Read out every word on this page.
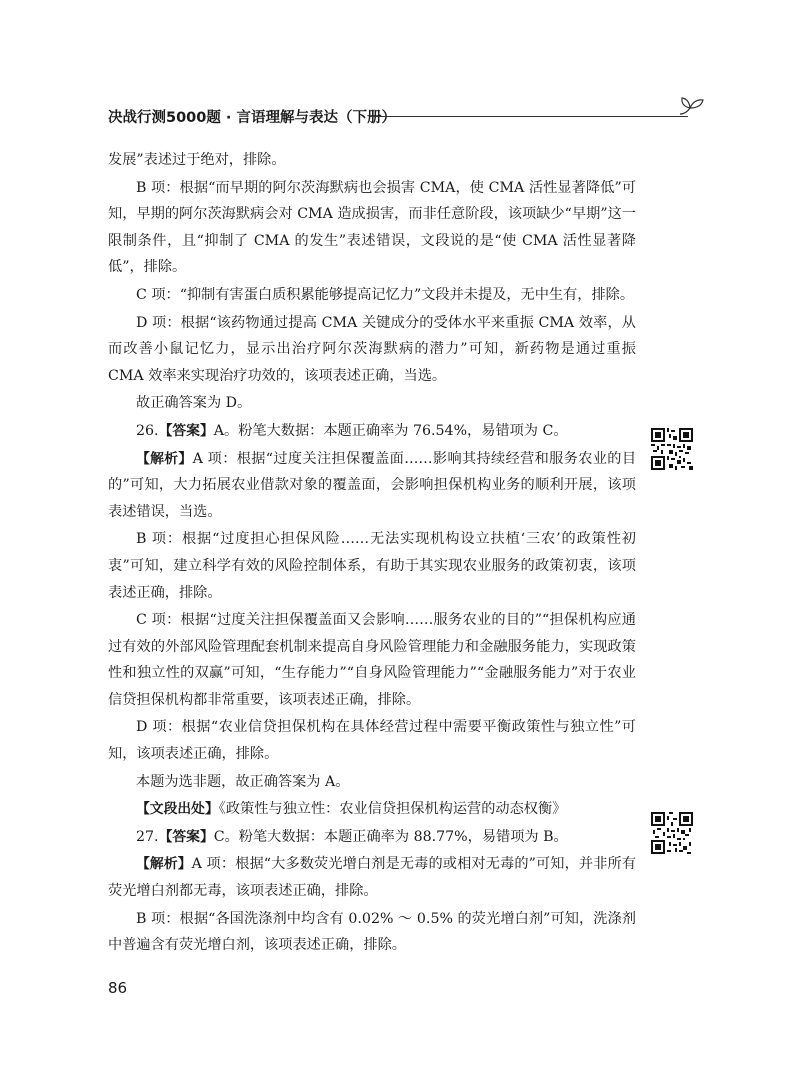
决战行测5000题 · 言语理解与表达（下册）

发展”表述过于绝对，排除。

B 项：根据“而早期的阿尔茨海默病也会损害 CMA，使 CMA 活性显著降低”可知，早期的阿尔茨海默病会对 CMA 造成损害，而非任意阶段，该项缺少“早期”这一限制条件，且“抑制了 CMA 的发生”表述错误，文段说的是“使 CMA 活性显著降低”，排除。

C 项：“抑制有害蛋白质积累能够提高记忆力”文段并未提及，无中生有，排除。

D 项：根据“该药物通过提高 CMA 关键成分的受体水平来重振 CMA 效率，从而改善小鼠记忆力，显示出治疗阿尔茨海默病的潜力”可知，新药物是通过重振 CMA 效率来实现治疗功效的，该项表述正确，当选。

故正确答案为 D。

26.【答案】A。粉笔大数据：本题正确率为 76.54%，易错项为 C。

【解析】A 项：根据“过度关注担保覆盖面……影响其持续经营和服务农业的目的”可知，大力拓展农业借款对象的覆盖面，会影响担保机构业务的顺利开展，该项表述错误，当选。

B 项：根据“过度担心担保风险……无法实现机构设立扶植‘三农’的政策性初衷”可知，建立科学有效的风险控制体系，有助于其实现农业服务的政策初衷，该项表述正确，排除。

C 项：根据“过度关注担保覆盖面又会影响……服务农业的目的”“担保机构应通过有效的外部风险管理配套机制来提高自身风险管理能力和金融服务能力，实现政策性和独立性的双赢”可知，“生存能力”“自身风险管理能力”“金融服务能力”对于农业信贷担保机构都非常重要，该项表述正确，排除。

D 项：根据“农业信贷担保机构在具体经营过程中需要平衡政策性与独立性”可知，该项表述正确，排除。

本题为选非题，故正确答案为 A。

【文段出处】《政策性与独立性：农业信贷担保机构运营的动态权衡》

27.【答案】C。粉笔大数据：本题正确率为 88.77%，易错项为 B。

【解析】A 项：根据“大多数荧光增白剂是无毒的或相对无毒的”可知，并非所有荧光增白剂都无毒，该项表述正确，排除。

B 项：根据“各国洗涤剂中均含有 0.02% ～ 0.5% 的荧光增白剂”可知，洗涤剂中普遍含有荧光增白剂，该项表述正确，排除。

86
